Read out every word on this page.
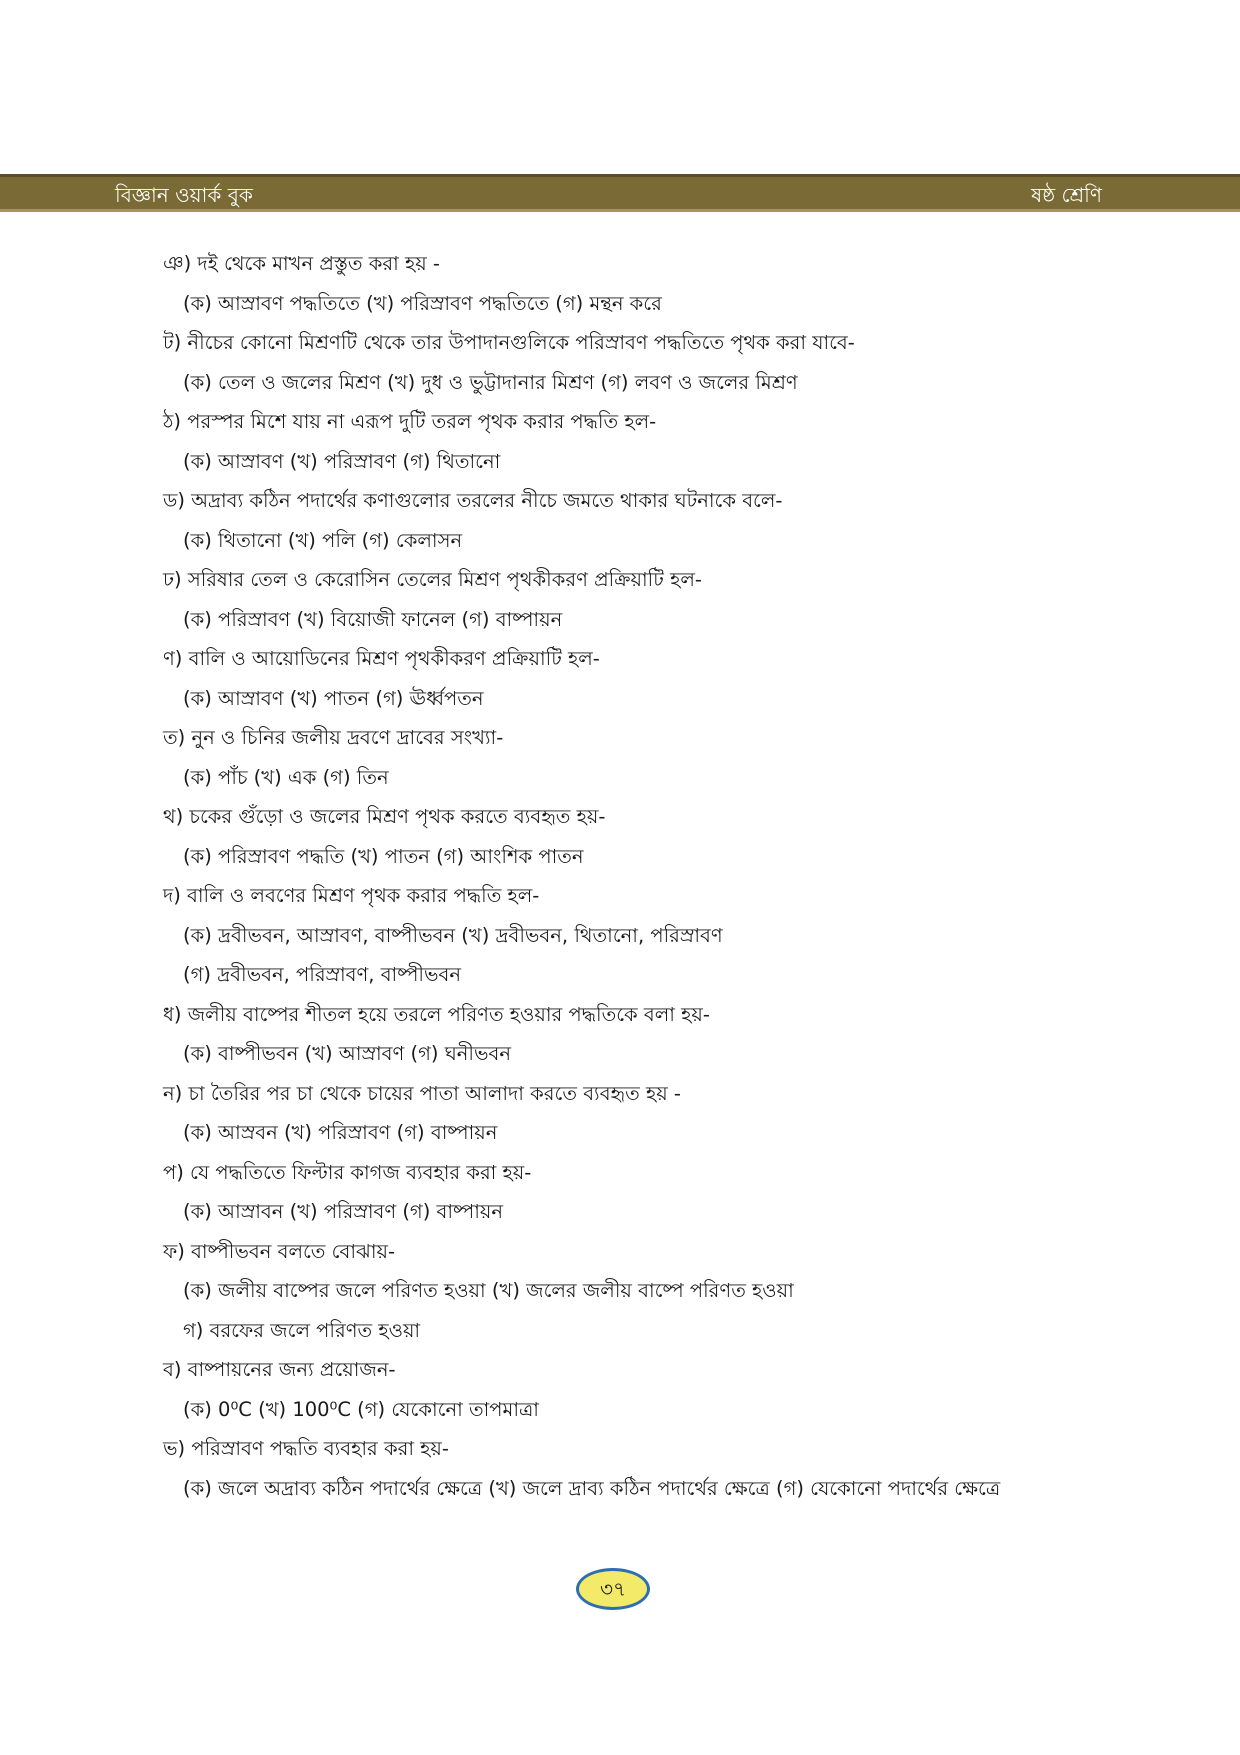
বিজ্ঞান ওয়ার্ক বুক	ষষ্ঠ শ্রেণি
ঞ) দই থেকে মাখন প্রস্তুত করা হয় -
(ক) আস্রাবণ পদ্ধতিতে (খ) পরিস্রাবণ পদ্ধতিতে (গ) মন্থন করে
ট) নীচের কোনো মিশ্রণটি থেকে তার উপাদানগুলিকে পরিস্রাবণ পদ্ধতিতে পৃথক করা যাবে-
(ক) তেল ও জলের মিশ্রণ (খ) দুধ ও ভুট্টাদানার মিশ্রণ (গ) লবণ ও জলের মিশ্রণ
ঠ) পরস্পর মিশে যায় না এরূপ দুটি তরল পৃথক করার পদ্ধতি হল-
(ক) আস্রাবণ (খ) পরিস্রাবণ (গ) থিতানো
ড) অদ্রাব্য কঠিন পদার্থের কণাগুলোর তরলের নীচে জমতে থাকার ঘটনাকে বলে-
(ক) থিতানো (খ) পলি (গ) কেলাসন
ঢ) সরিষার তেল ও কেরোসিন তেলের মিশ্রণ পৃথকীকরণ প্রক্রিয়াটি হল-
(ক) পরিস্রাবণ (খ) বিয়োজী ফানেল (গ) বাষ্পায়ন
ণ) বালি ও আয়োডিনের মিশ্রণ পৃথকীকরণ প্রক্রিয়াটি হল-
(ক) আস্রাবণ (খ) পাতন (গ) ঊর্ধ্বপতন
ত) নুন ও চিনির জলীয় দ্রবণে দ্রাবের সংখ্যা-
(ক) পাঁচ (খ) এক (গ) তিন
থ) চকের গুঁড়ো ও জলের মিশ্রণ পৃথক করতে ব্যবহৃত হয়-
(ক) পরিস্রাবণ পদ্ধতি (খ) পাতন (গ) আংশিক পাতন
দ) বালি ও লবণের মিশ্রণ পৃথক করার পদ্ধতি হল-
(ক) দ্রবীভবন, আস্রাবণ, বাষ্পীভবন (খ) দ্রবীভবন, থিতানো, পরিস্রাবণ
(গ) দ্রবীভবন, পরিস্রাবণ, বাষ্পীভবন
ধ) জলীয় বাষ্পের শীতল হয়ে তরলে পরিণত হওয়ার পদ্ধতিকে বলা হয়-
(ক) বাষ্পীভবন (খ) আস্রাবণ (গ) ঘনীভবন
ন) চা তৈরির পর চা থেকে চায়ের পাতা আলাদা করতে ব্যবহৃত হয় -
(ক) আস্রবন (খ) পরিস্রাবণ (গ) বাষ্পায়ন
প) যে পদ্ধতিতে ফিল্টার কাগজ ব্যবহার করা হয়-
(ক) আস্রাবন (খ) পরিস্রাবণ (গ) বাষ্পায়ন
ফ) বাষ্পীভবন বলতে বোঝায়-
(ক) জলীয় বাষ্পের জলে পরিণত হওয়া (খ) জলের জলীয় বাষ্পে পরিণত হওয়া
গ) বরফের জলে পরিণত হওয়া
ব) বাষ্পায়নের জন্য প্রয়োজন-
(ক) 0⁰C (খ) 100⁰C (গ) যেকোনো তাপমাত্রা
ভ) পরিস্রাবণ পদ্ধতি ব্যবহার করা হয়-
(ক) জলে অদ্রাব্য কঠিন পদার্থের ক্ষেত্রে (খ) জলে দ্রাব্য কঠিন পদার্থের ক্ষেত্রে (গ) যেকোনো পদার্থের ক্ষেত্রে
৩৭
